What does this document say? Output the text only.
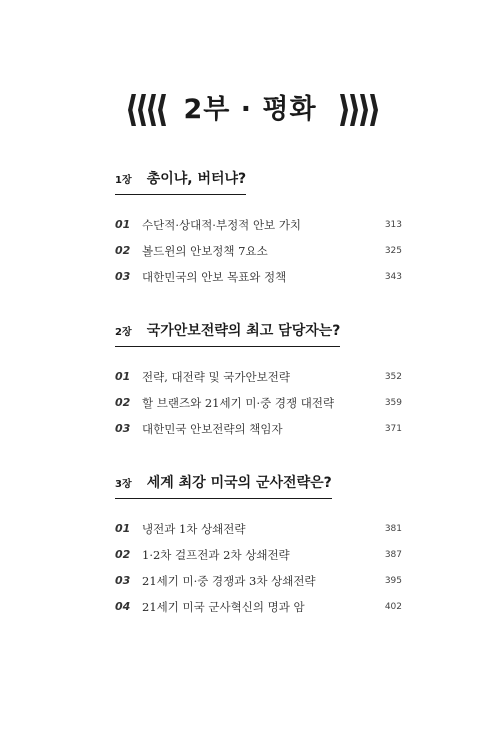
2부 · 평화
1장 총이냐, 버터냐?
01 수단적·상대적·부정적 안보 가치	313
02 볼드윈의 안보정책 7요소	325
03 대한민국의 안보 목표와 정책	343
2장 국가안보전략의 최고 담당자는?
01 전략, 대전략 및 국가안보전략	352
02 할 브랜즈와 21세기 미·중 경쟁 대전략	359
03 대한민국 안보전략의 책임자	371
3장 세계 최강 미국의 군사전략은?
01 냉전과 1차 상쇄전략	381
02 1·2차 걸프전과 2차 상쇄전략	387
03 21세기 미·중 경쟁과 3차 상쇄전략	395
04 21세기 미국 군사혁신의 명과 암	402
